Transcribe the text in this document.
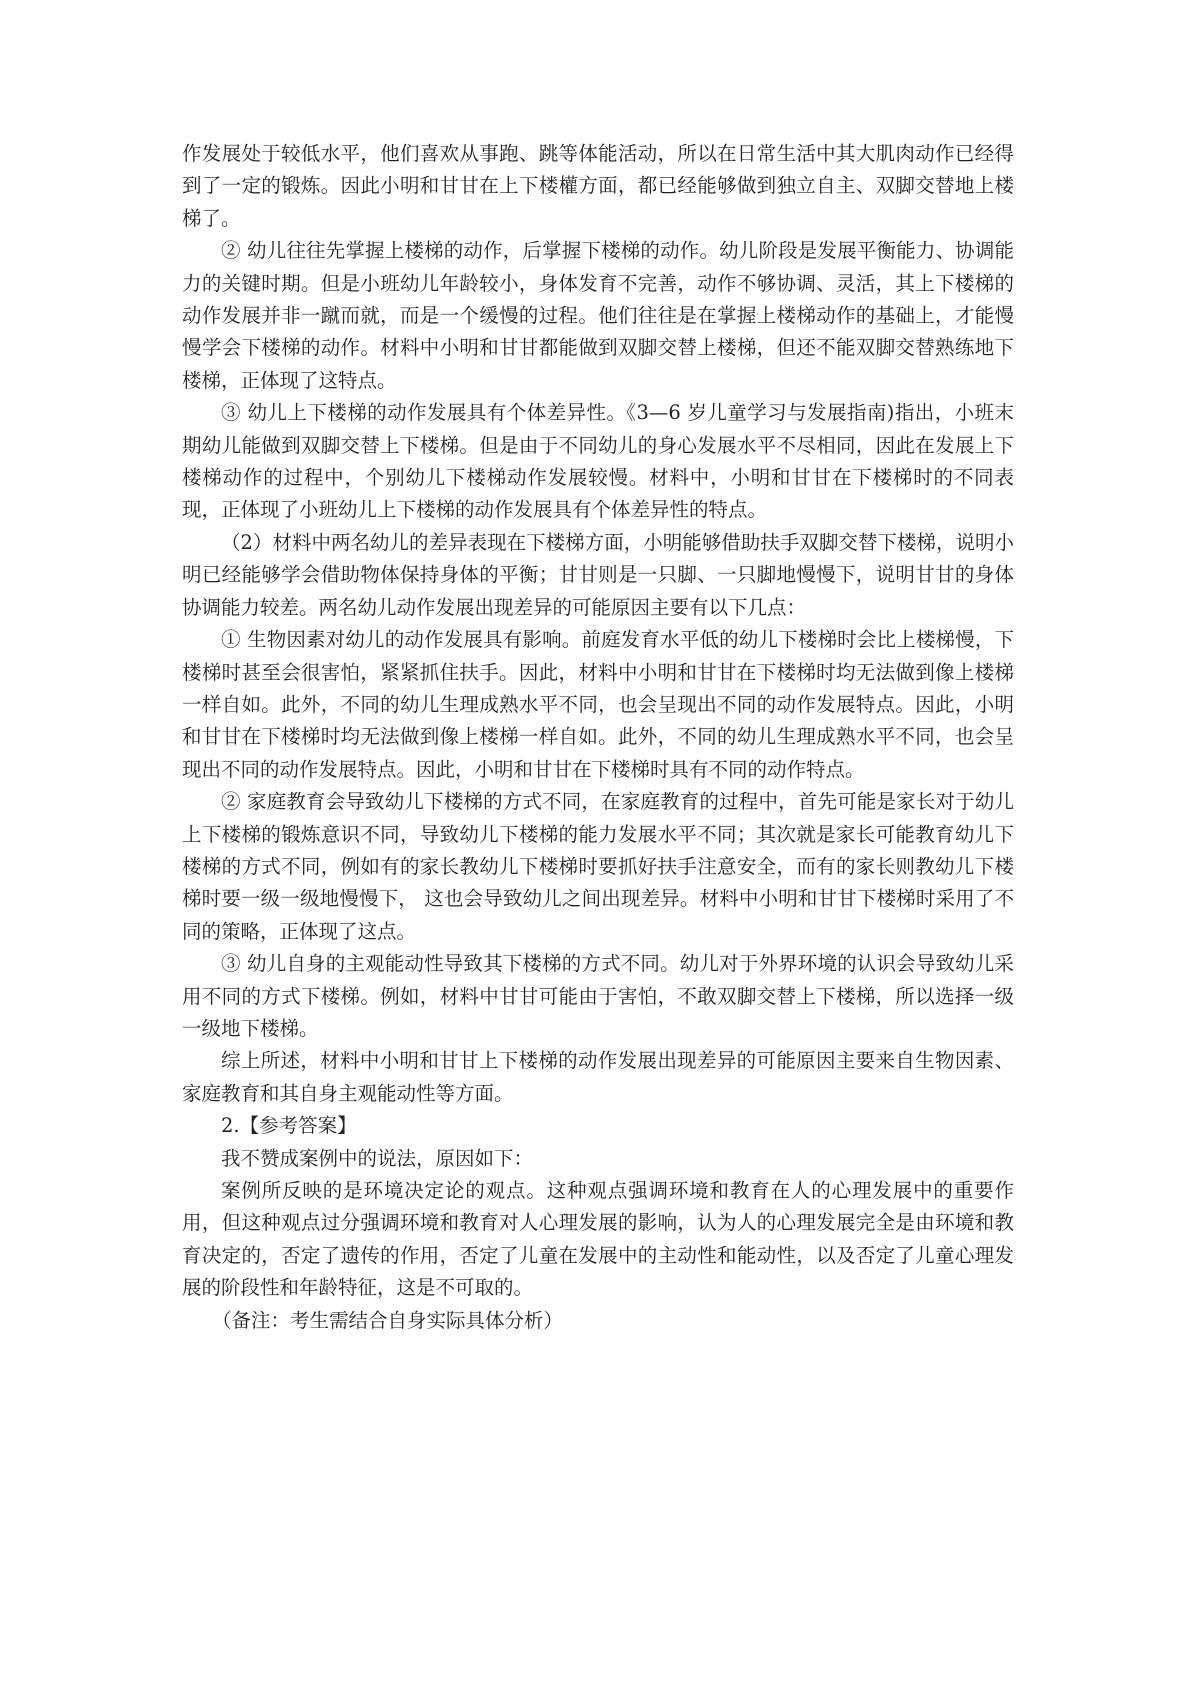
作发展处于较低水平，他们喜欢从事跑、跳等体能活动，所以在日常生活中其大肌肉动作已经得到了一定的锻炼。因此小明和甘甘在上下楼權方面，都已经能够做到独立自主、双脚交替地上楼梯了。

② 幼儿往往先掌握上楼梯的动作，后掌握下楼梯的动作。幼儿阶段是发展平衡能力、协调能力的关键时期。但是小班幼儿年龄较小，身体发育不完善，动作不够协调、灵活，其上下楼梯的动作发展并非一蹴而就，而是一个缓慢的过程。他们往往是在掌握上楼梯动作的基础上，才能慢慢学会下楼梯的动作。材料中小明和甘甘都能做到双脚交替上楼梯，但还不能双脚交替熟练地下楼梯，正体现了这特点。

③ 幼儿上下楼梯的动作发展具有个体差异性。《3—6 岁儿童学习与发展指南)指出，小班末期幼儿能做到双脚交替上下楼梯。但是由于不同幼儿的身心发展水平不尽相同，因此在发展上下楼梯动作的过程中，个别幼儿下楼梯动作发展较慢。材料中，小明和甘甘在下楼梯时的不同表现，正体现了小班幼儿上下楼梯的动作发展具有个体差异性的特点。

（2）材料中两名幼儿的差异表现在下楼梯方面，小明能够借助扶手双脚交替下楼梯，说明小明已经能够学会借助物体保持身体的平衡；甘甘则是一只脚、一只脚地慢慢下，说明甘甘的身体协调能力较差。两名幼儿动作发展出现差异的可能原因主要有以下几点：

① 生物因素对幼儿的动作发展具有影响。前庭发育水平低的幼儿下楼梯时会比上楼梯慢，下楼梯时甚至会很害怕，紧紧抓住扶手。因此，材料中小明和甘甘在下楼梯时均无法做到像上楼梯一样自如。此外，不同的幼儿生理成熟水平不同，也会呈现出不同的动作发展特点。因此，小明和甘甘在下楼梯时均无法做到像上楼梯一样自如。此外，不同的幼儿生理成熟水平不同，也会呈现出不同的动作发展特点。因此，小明和甘甘在下楼梯时具有不同的动作特点。

② 家庭教育会导致幼儿下楼梯的方式不同，在家庭教育的过程中，首先可能是家长对于幼儿上下楼梯的锻炼意识不同，导致幼儿下楼梯的能力发展水平不同；其次就是家长可能教育幼儿下楼梯的方式不同，例如有的家长教幼儿下楼梯时要抓好扶手注意安全，而有的家长则教幼儿下楼梯时要一级一级地慢慢下， 这也会导致幼儿之间出现差异。材料中小明和甘甘下楼梯时采用了不同的策略，正体现了这点。

③ 幼儿自身的主观能动性导致其下楼梯的方式不同。幼儿对于外界环境的认识会导致幼儿采用不同的方式下楼梯。例如，材料中甘甘可能由于害怕，不敢双脚交替上下楼梯，所以选择一级一级地下楼梯。

综上所述，材料中小明和甘甘上下楼梯的动作发展出现差异的可能原因主要来自生物因素、家庭教育和其自身主观能动性等方面。

2.【参考答案】

我不赞成案例中的说法，原因如下：

案例所反映的是环境决定论的观点。这种观点强调环境和教育在人的心理发展中的重要作用，但这种观点过分强调环境和教育对人心理发展的影响，认为人的心理发展完全是由环境和教育决定的，否定了遗传的作用，否定了儿童在发展中的主动性和能动性，以及否定了儿童心理发展的阶段性和年龄特征，这是不可取的。

（备注：考生需结合自身实际具体分析）
